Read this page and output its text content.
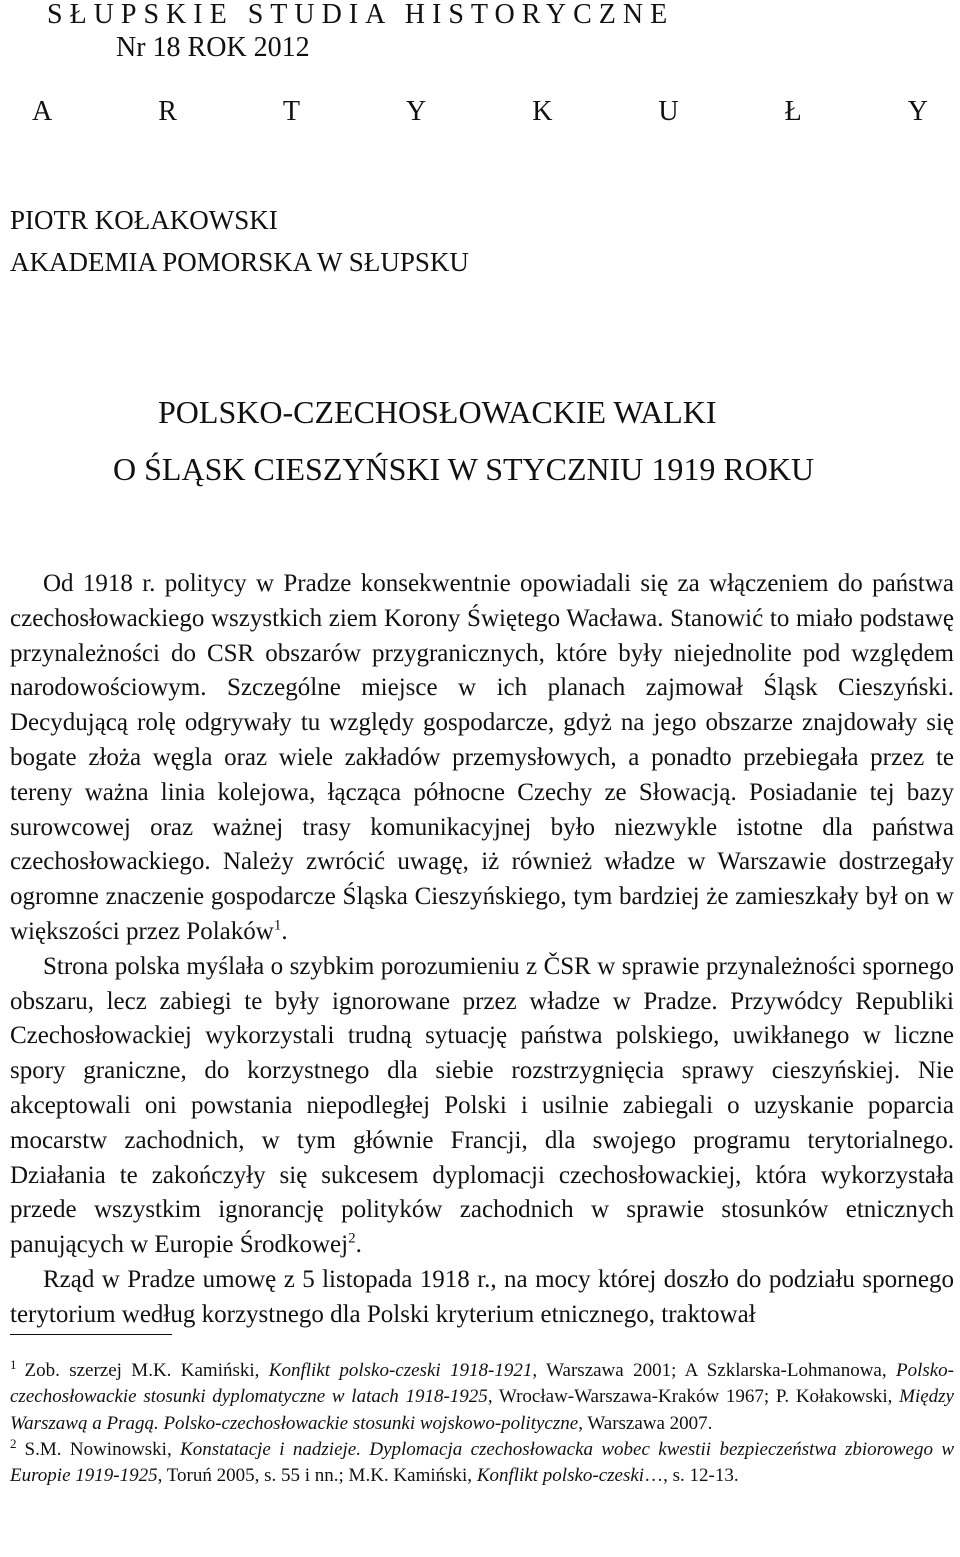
SŁUPSKIE STUDIA HISTORYCZNE
Nr 18 ROK 2012
A	R	T	Y	K	U	Ł	Y
PIOTR KOŁAKOWSKI
AKADEMIA POMORSKA W SŁUPSKU
POLSKO-CZECHOSŁOWACKIE WALKI
O ŚLĄSK CIESZYŃSKI W STYCZNIU 1919 ROKU

Od 1918 r. politycy w Pradze konsekwentnie opowiadali się za włączeniem do państwa czechosłowackiego wszystkich ziem Korony Świętego Wacława. Stanowić to miało podstawę przynależności do CSR obszarów przygranicznych, które były niejednolite pod względem narodowościowym. Szczególne miejsce w ich planach zajmował Śląsk Cieszyński. Decydującą rolę odgrywały tu względy gospodarcze, gdyż na jego obszarze znajdowały się bogate złoża węgla oraz wiele zakładów przemysłowych, a ponadto przebiegała przez te tereny ważna linia kolejowa, łącząca północne Czechy ze Słowacją. Posiadanie tej bazy surowcowej oraz ważnej trasy komunikacyjnej było niezwykle istotne dla państwa czechosłowackiego. Należy zwrócić uwagę, iż również władze w Warszawie dostrzegały ogromne znaczenie gospodarcze Śląska Cieszyńskiego, tym bardziej że zamieszkały był on w większości przez Polaków$^1$.

Strona polska myślała o szybkim porozumieniu z ČSR w sprawie przynależności spornego obszaru, lecz zabiegi te były ignorowane przez władze w Pradze. Przywódcy Republiki Czechosłowackiej wykorzystali trudną sytuację państwa polskiego, uwikłanego w liczne spory graniczne, do korzystnego dla siebie rozstrzygnięcia sprawy cieszyńskiej. Nie akceptowali oni powstania niepodległej Polski i usilnie zabiegali o uzyskanie poparcia mocarstw zachodnich, w tym głównie Francji, dla swojego programu terytorialnego. Działania te zakończyły się sukcesem dyplomacji czechosłowackiej, która wykorzystała przede wszystkim ignorancję polityków zachodnich w sprawie stosunków etnicznych panujących w Europie Środkowej$^2$.

Rząd w Pradze umowę z 5 listopada 1918 r., na mocy której doszło do podziału spornego terytorium według korzystnego dla Polski kryterium etnicznego, traktował

$^1$ Zob. szerzej M.K. Kamiński, Konflikt polsko-czeski 1918-1921, Warszawa 2001; A Szklarska-Lohmanowa, Polsko-czechosłowackie stosunki dyplomatyczne w latach 1918-1925, Wrocław-Warszawa-Kraków 1967; P. Kołakowski, Między Warszawą a Pragą. Polsko-czechosłowackie stosunki wojskowo-polityczne, Warszawa 2007.

$^2$ S.M. Nowinowski, Konstatacje i nadzieje. Dyplomacja czechosłowacka wobec kwestii bezpieczeństwa zbiorowego w Europie 1919-1925, Toruń 2005, s. 55 i nn.; M.K. Kamiński, Konflikt polsko-czeski…, s. 12-13.
